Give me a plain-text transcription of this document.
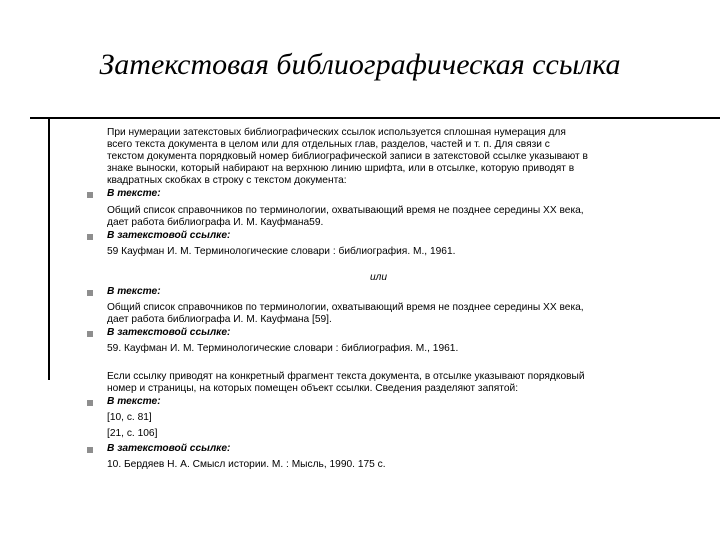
Затекстовая библиографическая ссылка
При нумерации затекстовых библиографических ссылок используется сплошная нумерация для
всего текста документа в целом или для отдельных глав, разделов, частей и т. п. Для связи с
текстом документа порядковый номер библиографической записи в затекстовой ссылке указывают в
знаке выноски, который набирают на верхнюю линию шрифта, или в отсылке, которую приводят в
квадратных скобках в строку с текстом документа:
В тексте:
Общий список справочников по терминологии, охватывающий время не позднее середины XX века,
дает работа библиографа И. М. Кауфмана59.
В затекстовой ссылке:
59 Кауфман И. М. Терминологические словари : библиография. М., 1961.
или
В тексте:
Общий список справочников по терминологии, охватывающий время не позднее середины XX века,
дает работа библиографа И. М. Кауфмана [59].
В затекстовой ссылке:
59. Кауфман И. М. Терминологические словари : библиография. М., 1961.
Если ссылку приводят на конкретный фрагмент текста документа, в отсылке указывают порядковый
номер и страницы, на которых помещен объект ссылки. Сведения разделяют запятой:
В тексте:
[10, с. 81]
[21, с. 106]
В затекстовой ссылке:
10. Бердяев Н. А. Смысл истории. М. : Мысль, 1990. 175 с.
